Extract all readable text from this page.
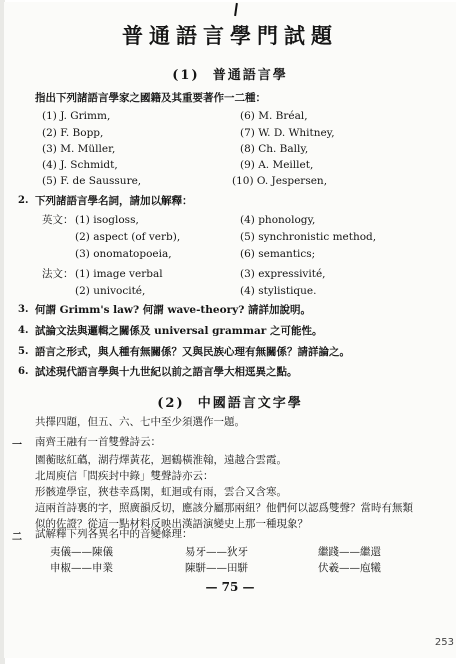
普通語言學門試題
(1) 普通語言學
指出下列諸語言學家之國籍及其重要著作一二種：
(1) J. Grimm,
(2) F. Bopp,
(3) M. Müller,
(4) J. Schmidt,
(5) F. de Saussure,
(6) M. Bréal,
(7) W. D. Whitney,
(8) Ch. Bally,
(9) A. Meillet,
(10) O. Jespersen,
2. 下列諸語言學名詞，請加以解釋：
英文： (1) isogloss,
(2) aspect (of verb),
(3) onomatopoeia,
(4) phonology,
(5) synchronistic method,
(6) semantics;
法文： (1) image verbal
(2) univocité,
(3) expressivité,
(4) stylistique.
3. 何謂 Grimm's law? 何謂 wave-theory? 請詳加說明。
4. 試論文法與邏輯之關係及 universal grammar 之可能性。
5. 語言之形式，與人種有無關係？又與民族心理有無關係？請詳論之。
6. 試述現代語言學與十九世紀以前之語言學大相逕異之點。
(2) 中國語言文字學
共擇四題，但五、六、七中至少須選作一題。
一 南齊王融有一首雙聲詩云：
園蘅眩紅蘤，湖荇燡黃花，迴鶴橫淮翰，遠越合雲霞。
北周庾信「問疾封中錄」雙聲詩亦云：
形骸違學宦，狹巷幸爲閑，虹迴或有雨，雲合又含寒。
這兩首詩裏的字，照廣韻反切，應該分屬那兩紐？他們何以認爲雙聲？當時有無類
似的佐證？從這一點材料反映出漢語演變史上那一種現象？
二 試解釋下列各異名中的音變條理：
夷儀——陳儀	易牙——狄牙	繼踐——繼還
申椒——申業	陳駢——田駢	伏羲——庖犧
— 75 —
253
